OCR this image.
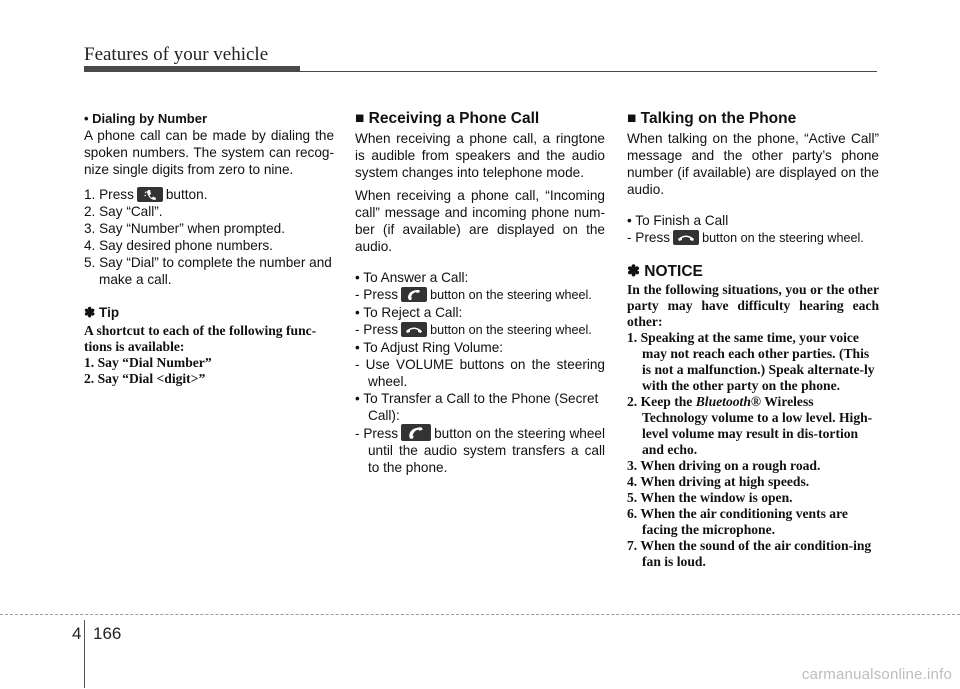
Features of your vehicle

• Dialing by Number

A phone call can be made by dialing the spoken numbers. The system can recog-nize single digits from zero to nine.

1. Press button.
2. Say “Call”.
3. Say “Number” when prompted.
4. Say desired phone numbers.
5. Say “Dial” to complete the number and make a call.

✽ Tip

A shortcut to each of the following func-tions is available:

1. Say “Dial Number”

2. Say “Dial <digit>”

■ Receiving a Phone Call

When receiving a phone call, a ringtone is audible from speakers and the audio system changes into telephone mode.

When receiving a phone call, “Incoming call” message and incoming phone num-ber (if available) are displayed on the audio.

• To Answer a Call:

- Press	button on the steering wheel.

• To Reject a Call:

- Press	button on the steering wheel.

• To Adjust Ring Volume:

- Use VOLUME buttons on the steering wheel.

• To Transfer a Call to the Phone (Secret Call):

- Press	button on the steering wheel until the audio system transfers a call to the phone.

■ Talking on the Phone

When talking on the phone, “Active Call” message and the other party’s phone number (if available) are displayed on the audio.

• To Finish a Call

- Press	button on the steering wheel.

✽ NOTICE

In the following situations, you or the other party may have difficulty hearing each other:

1. Speaking at the same time, your voice may not reach each other parties. (This is not a malfunction.) Speak alternate-ly with the other party on the phone.
2. Keep the Bluetooth® Wireless Technology volume to a low level. High-level volume may result in dis-tortion and echo.
3. When driving on a rough road.
4. When driving at high speeds.
5. When the window is open.
6. When the air conditioning vents are facing the microphone.
7. When the sound of the air condition-ing fan is loud.
4 166
carmanualsonline.info
